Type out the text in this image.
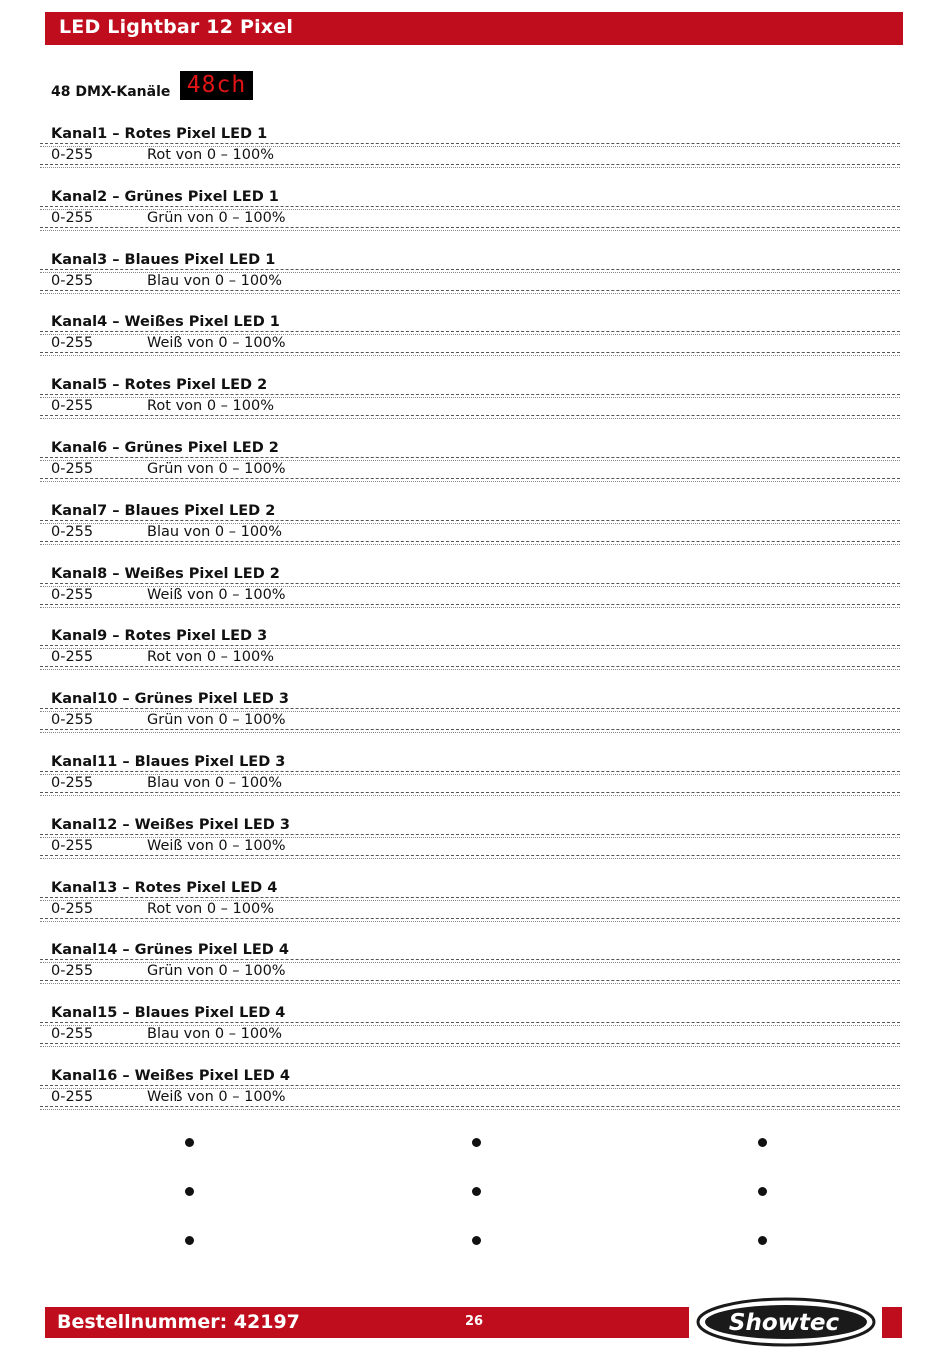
LED Lightbar 12 Pixel
48 DMX-Kanäle 48ch
Kanal1 – Rotes Pixel LED 1
0-255	Rot von 0 – 100%
Kanal2 – Grünes Pixel LED 1
0-255	Grün von 0 – 100%
Kanal3 – Blaues Pixel LED 1
0-255	Blau von 0 – 100%
Kanal4 – Weißes Pixel LED 1
0-255	Weiß von 0 – 100%
Kanal5 – Rotes Pixel LED 2
0-255	Rot von 0 – 100%
Kanal6 – Grünes Pixel LED 2
0-255	Grün von 0 – 100%
Kanal7 – Blaues Pixel LED 2
0-255	Blau von 0 – 100%
Kanal8 – Weißes Pixel LED 2
0-255	Weiß von 0 – 100%
Kanal9 – Rotes Pixel LED 3
0-255	Rot von 0 – 100%
Kanal10 – Grünes Pixel LED 3
0-255	Grün von 0 – 100%
Kanal11 – Blaues Pixel LED 3
0-255	Blau von 0 – 100%
Kanal12 – Weißes Pixel LED 3
0-255	Weiß von 0 – 100%
Kanal13 – Rotes Pixel LED 4
0-255	Rot von 0 – 100%
Kanal14 – Grünes Pixel LED 4
0-255	Grün von 0 – 100%
Kanal15 – Blaues Pixel LED 4
0-255	Blau von 0 – 100%
Kanal16 – Weißes Pixel LED 4
0-255	Weiß von 0 – 100%
Bestellnummer: 42197	26	Showtec
